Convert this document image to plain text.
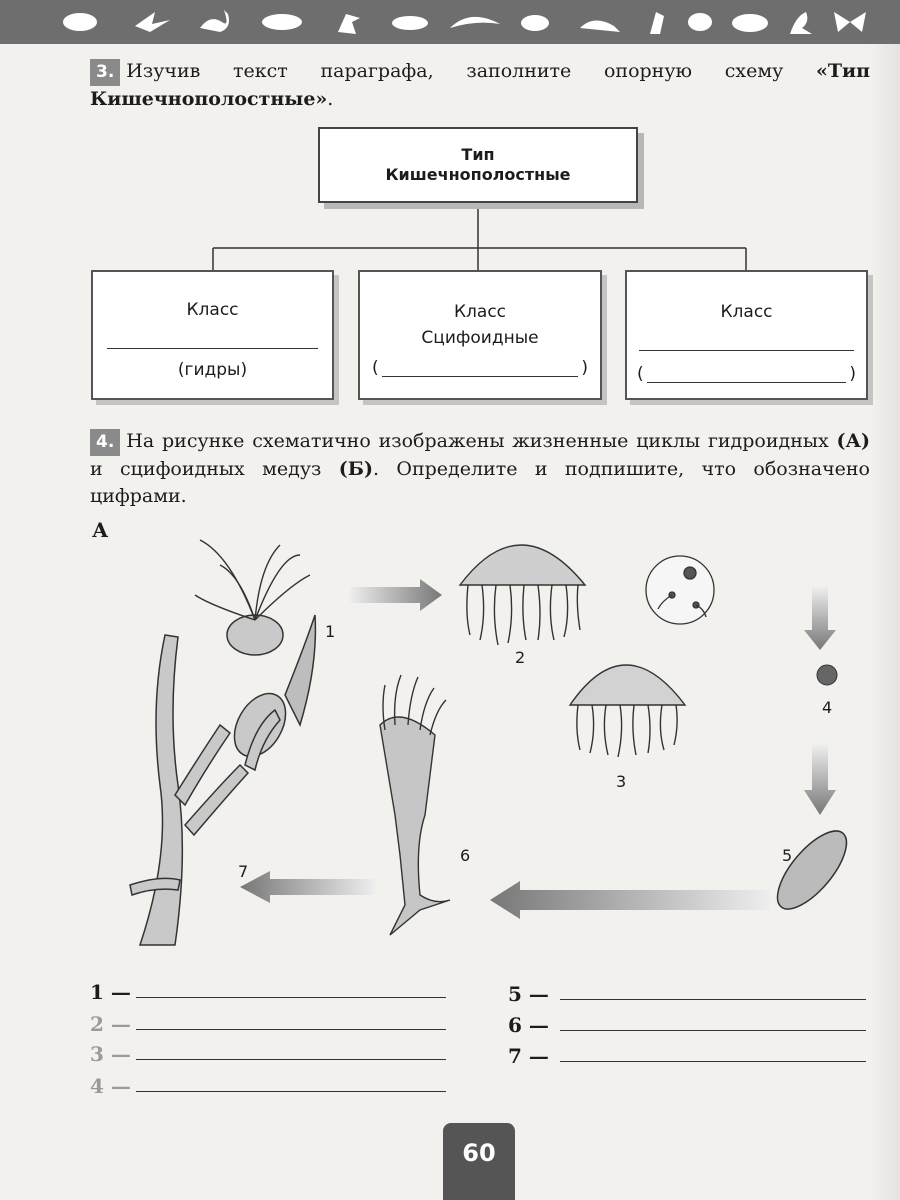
3. Изучив текст параграфа, заполните опорную схему «Тип Кишечнополостные».
Тип
Кишечнополостные
Класс
(гидры)
Класс
Сцифоидные
(	)
Класс
(	)
4. На рисунке схематично изображены жизненные циклы гидроидных (А) и сцифоидных медуз (Б). Определите и подпишите, что обозначено цифрами.
А
1
2
3
4
5
6
7
1 —
2 —
3 —
4 —
5 —
6 —
7 —
60
